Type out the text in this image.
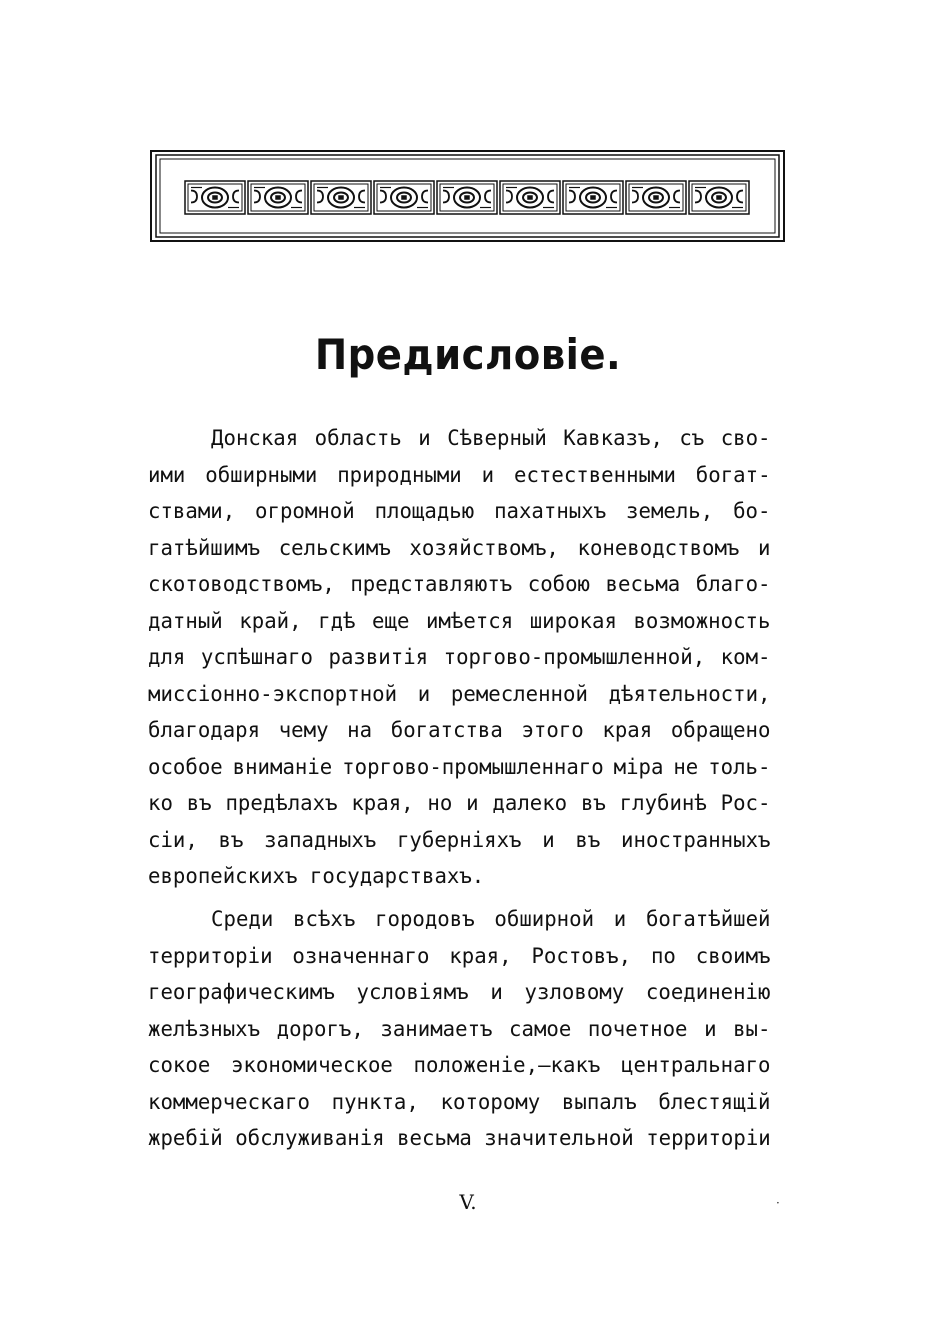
Предисловіе.
Донская область и Сѣверный Кавказъ, съ сво-
ими обширными природными и естественными богат-
ствами, огромной площадью пахатныхъ земель, бо-
гатѣйшимъ сельскимъ хозяйствомъ, коневодствомъ и
скотоводствомъ, представляютъ собою весьма благо-
датный край, гдѣ еще имѣется широкая возможность
для успѣшнаго развитія торгово-промышленной, ком-
миссіонно-экспортной и ремесленной дѣятельности,
благодаря чему на богатства этого края обращено
особое вниманіе торгово-промышленнаго міра не толь-
ко въ предѣлахъ края, но и далеко въ глубинѣ Рос-
сіи, въ западныхъ губерніяхъ и въ иностранныхъ
европейскихъ государствахъ.
Среди всѣхъ городовъ обширной и богатѣйшей
территоріи означеннаго края, Ростовъ, по своимъ
географическимъ условіямъ и узловому соединенію
желѣзныхъ дорогъ, занимаетъ самое почетное и вы-
сокое экономическое положеніе,—какъ центральнаго
коммерческаго пункта, которому выпалъ блестящій
жребій обслуживанія весьма значительной территоріи
V.	·
